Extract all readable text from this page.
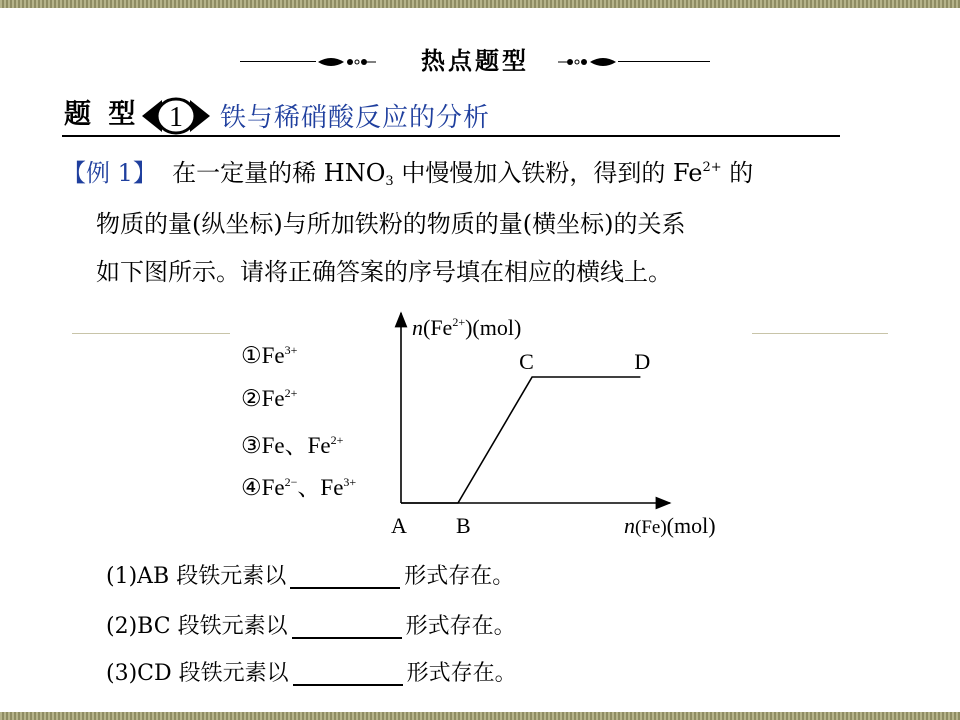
热点题型
题 型 1 铁与稀硝酸反应的分析
【例 1】 在一定量的稀 $HNO_3$ 中慢慢加入铁粉，得到的 $Fe^{2+}$ 的
物质的量(纵坐标)与所加铁粉的物质的量(横坐标)的关系
如下图所示。请将正确答案的序号填在相应的横线上。
$①Fe^{3+}$
$②Fe^{2+}$
③Fe、$Fe^{2+}$
$④Fe^{2-}$、$Fe^{3+}$
$n(Fe^{2+})(mol)$
n(Fe)(mol)
A B
C	D
(1)AB 段铁元素以	形式存在。
(2)BC 段铁元素以	形式存在。
(3)CD 段铁元素以	形式存在。
